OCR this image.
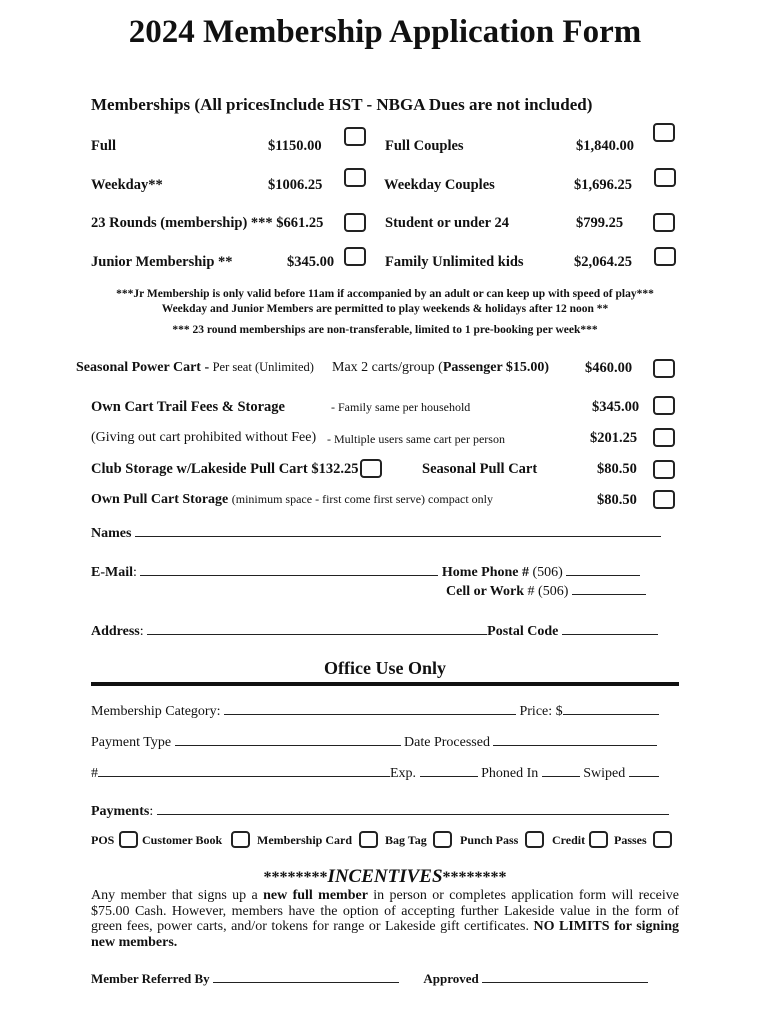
2024 Membership Application Form
Memberships (All pricesInclude HST - NBGA Dues are not included)
Full	$1150.00	Full Couples	$1,840.00
Weekday**	$1006.25	Weekday Couples	$1,696.25
23 Rounds (membership) *** $661.25	Student or under 24	$799.25
Junior Membership **	$345.00	Family Unlimited kids	$2,064.25
***Jr Membership is only valid before 11am if accompanied by an adult or can keep up with speed of play***
Weekday and Junior Members are permitted to play weekends & holidays after 12 noon **
*** 23 round memberships are non-transferable, limited to 1 pre-booking per week***
Seasonal Power Cart - Per seat (Unlimited) Max 2 carts/group (Passenger $15.00) $460.00
Own Cart Trail Fees & Storage	- Family same per household	$345.00
(Giving out cart prohibited without Fee) - Multiple users same cart per person	$201.25
Club Storage w/Lakeside Pull Cart $132.25	Seasonal Pull Cart	$80.50
Own Pull Cart Storage (minimum space - first come first serve) compact only	$80.50
Names
E-Mail:	Home Phone # (506)
Cell or Work # (506)
Address:	Postal Code
Office Use Only
Membership Category:	Price: $
Payment Type	Date Processed
#	Exp.	Phoned In	Swiped
Payments:
POS Customer Book	Membership Card	Bag Tag	Punch Pass	Credit Passes
********INCENTIVES********
Any member that signs up a new full member in person or completes application form will receive $75.00 Cash. However, members have the option of accepting further Lakeside value in the form of green fees, power carts, and/or tokens for range or Lakeside gift certificates. NO LIMITS for signing new members.
Member Referred By	Approved
